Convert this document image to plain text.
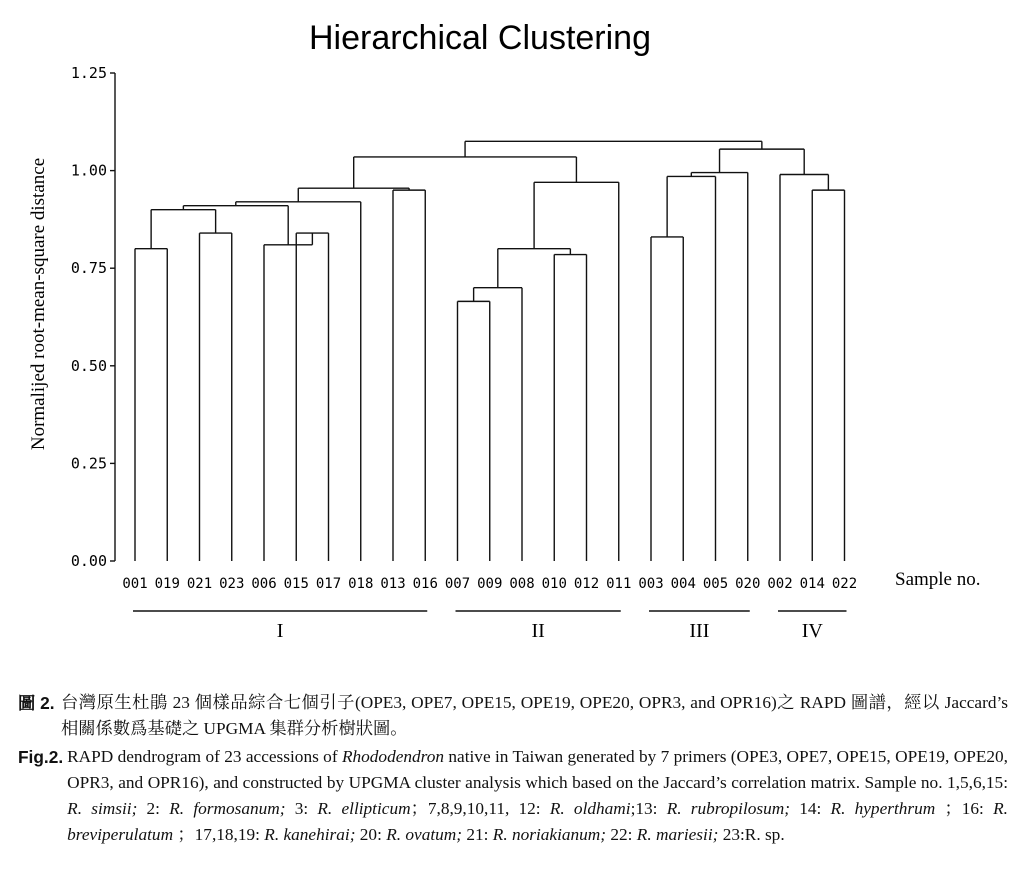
Hierarchical Clustering
Normalijed root-mean-square distance
Sample no.
0.00
0.25
0.50
0.75
1.00
1.25
001 019 021 023 006 015 017 018 013 016 007 009 008 010 012 011 003 004 005 020 002 014 022
I	II	III	IV
圖 2. 台灣原生杜鵑 23 個樣品綜合七個引子(OPE3, OPE7, OPE15, OPE19, OPE20, OPR3, and OPR16)之 RAPD 圖譜，經以 Jaccard’s 相關係數爲基礎之 UPGMA 集群分析樹狀圖。
Fig.2. RAPD dendrogram of 23 accessions of Rhododendron native in Taiwan generated by 7 primers (OPE3, OPE7, OPE15, OPE19, OPE20, OPR3, and OPR16), and constructed by UPGMA cluster analysis which based on the Jaccard’s correlation matrix. Sample no. 1,5,6,15: R. simsii; 2: R. formosanum; 3: R. ellipticum；7,8,9,10,11, 12: R. oldhami;13: R. rubropilosum; 14: R. hyperthrum ；16: R. breviperulatum ；17,18,19: R. kanehirai; 20: R. ovatum; 21: R. noriakianum; 22: R. mariesii; 23:R. sp.
